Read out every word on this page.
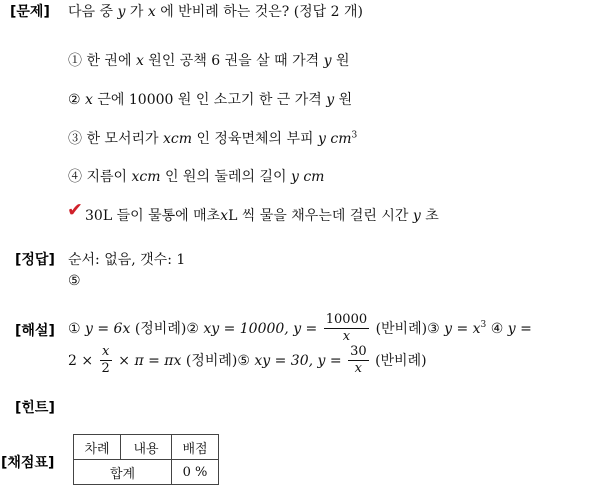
[문제]
[정답]
[해설]
[힌트]
[채점표]
다음 중 y 가 x 에 반비례 하는 것은? (정답 2 개)
① 한 권에 x 원인 공책 6 권을 살 때 가격 y 원
② x 근에 10000 원 인 소고기 한 근 가격 y 원
③ 한 모서리가 xcm 인 정육면체의 부피 y $cm^3$
④ 지름이 xcm 인 원의 둘레의 길이 y cm
✔ 30L 들이 물통에 매초xL 씩 물을 채우는데 걸린 시간 y 초
순서: 없음, 갯수: 1
⑤
① y = 6x (정비례)② xy = 10000, $y = \frac{10000}{x}$ (반비례)③ $y = x^3$ ④ y =
$2 \times \frac{x}{2} \times \pi = \pi x$ (정비례)⑤ xy = 30, $y = \frac{30}{x}$ (반비례)
차례	내용	배점
합계		0 %
